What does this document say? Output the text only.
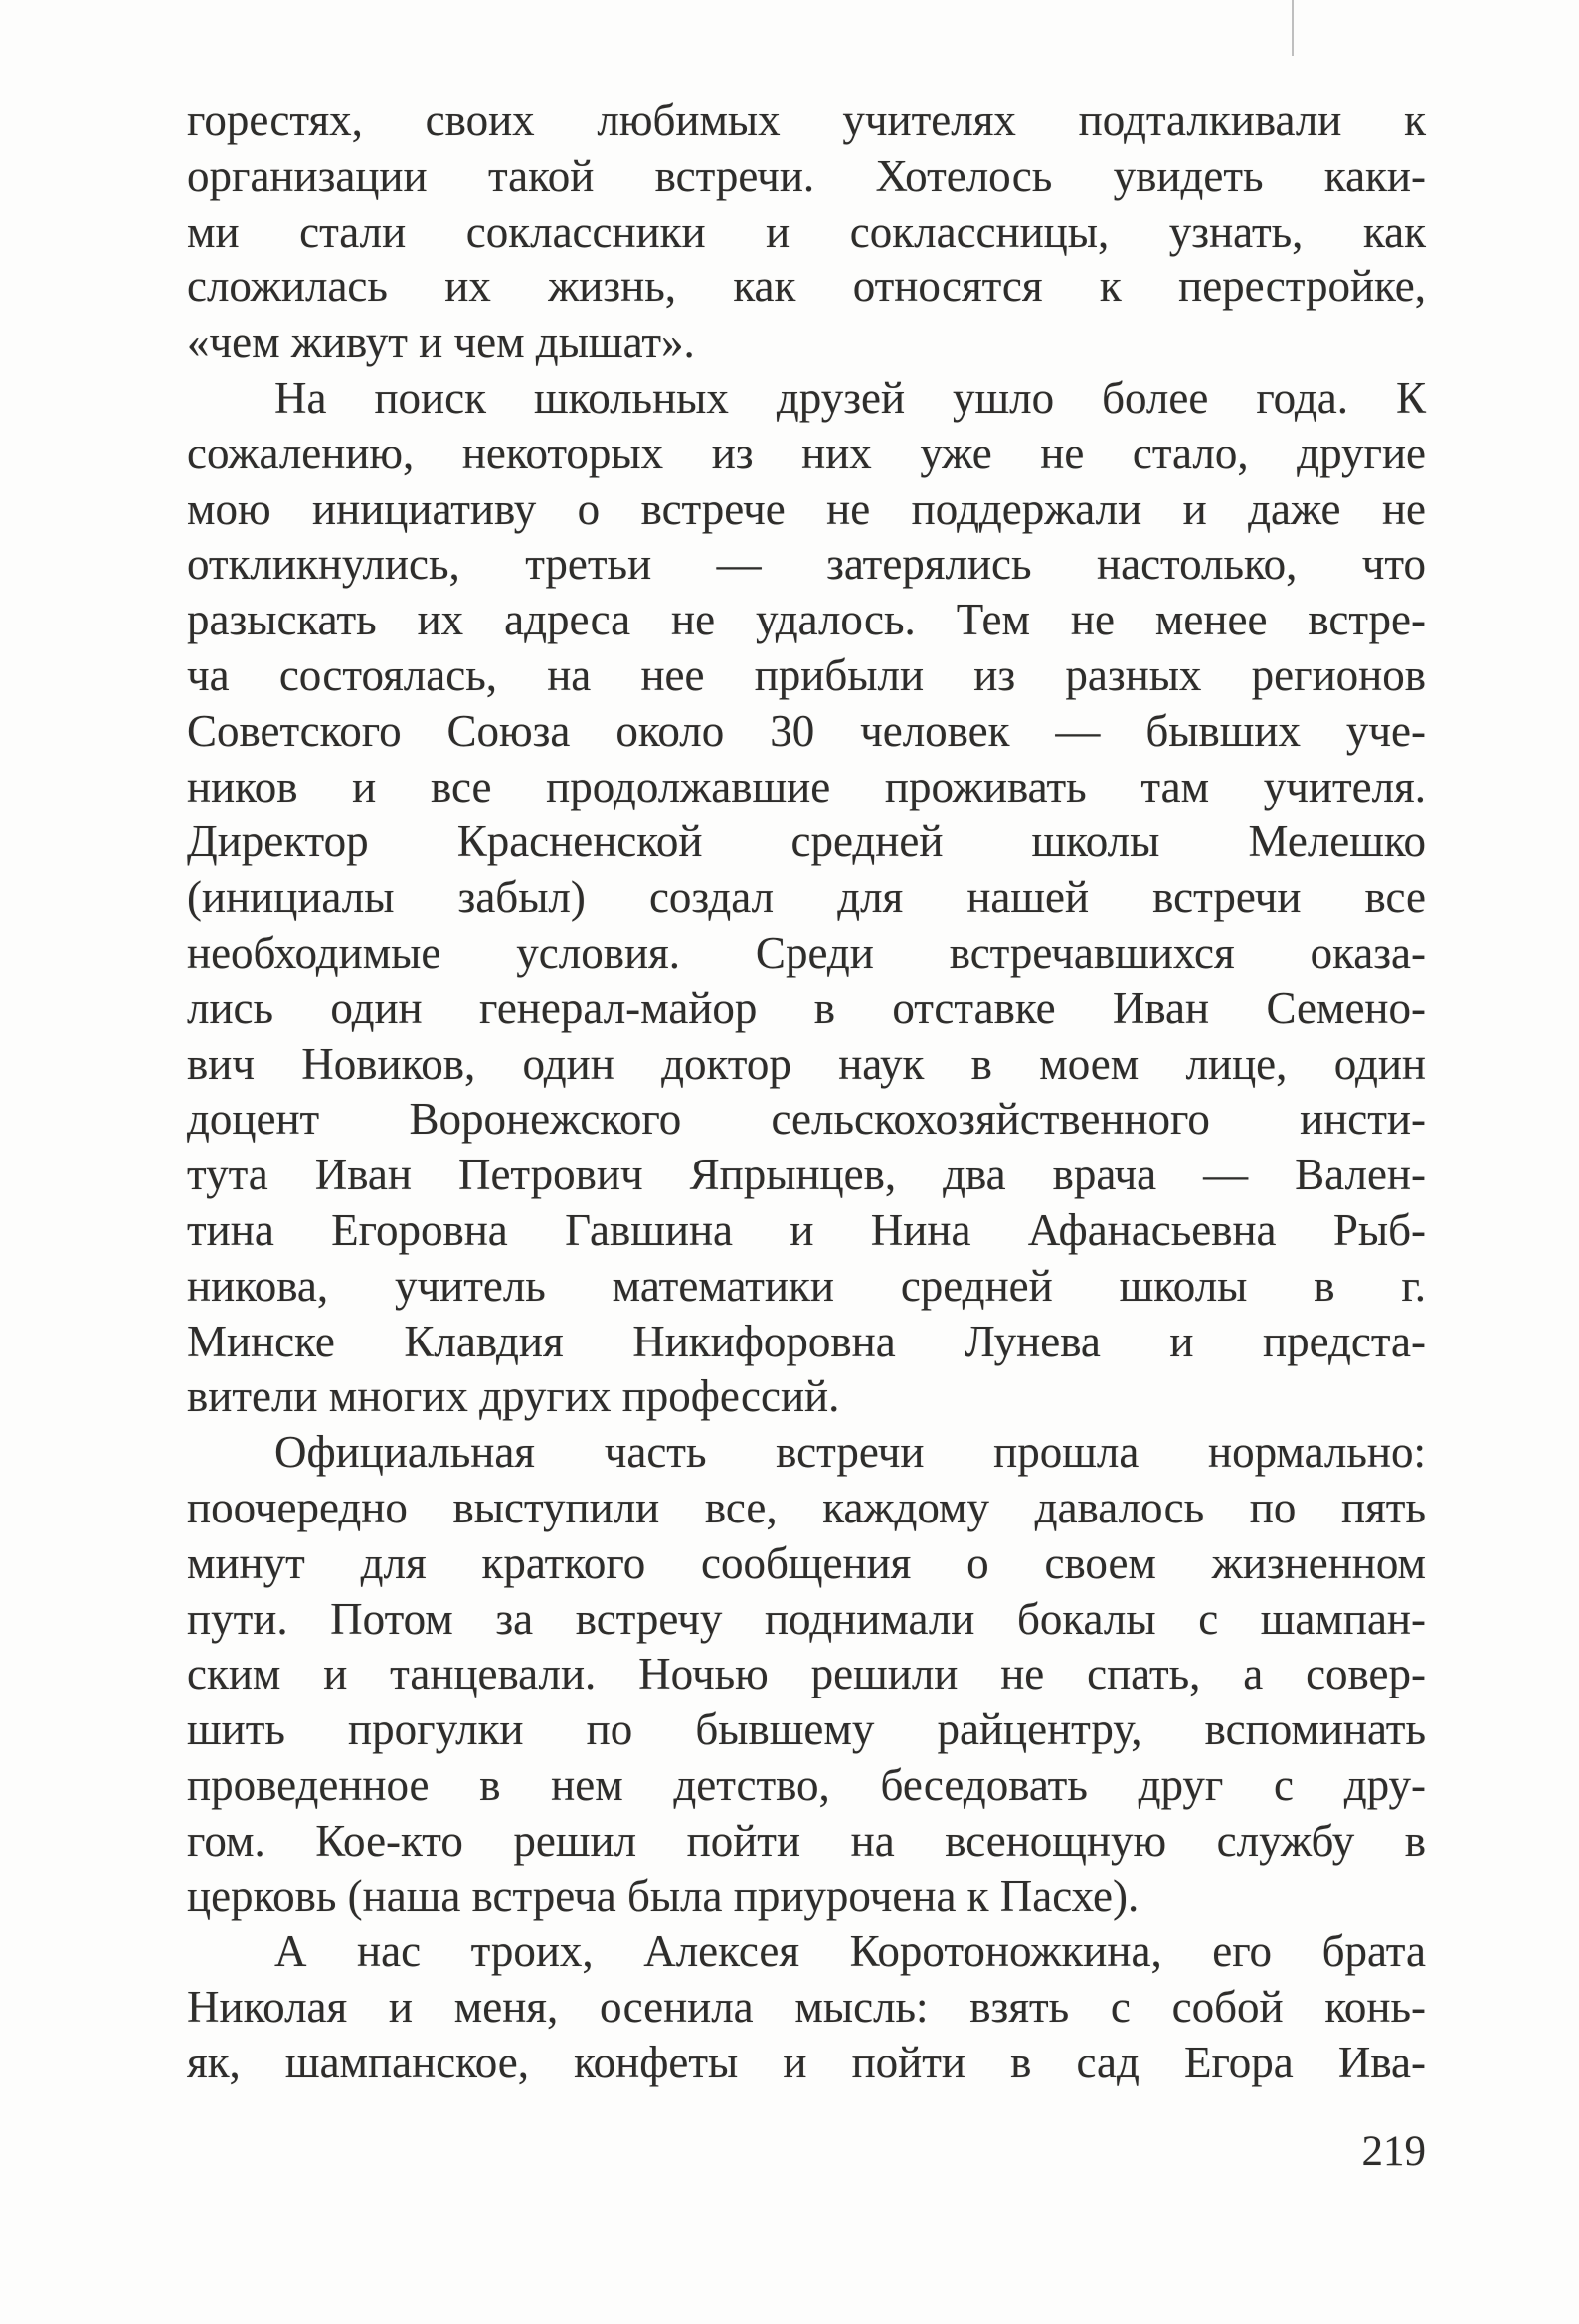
горестях, своих любимых учителях подталкивали к
организации такой встречи. Хотелось увидеть каки-
ми стали соклассники и соклассницы, узнать, как
сложилась их жизнь, как относятся к перестройке,
«чем живут и чем дышат».
На поиск школьных друзей ушло более года. К
сожалению, некоторых из них уже не стало, другие
мою инициативу о встрече не поддержали и даже не
откликнулись, третьи — затерялись настолько, что
разыскать их адреса не удалось. Тем не менее встре-
ча состоялась, на нее прибыли из разных регионов
Советского Союза около 30 человек — бывших уче-
ников и все продолжавшие проживать там учителя.
Директор Красненской средней школы Мелешко
(инициалы забыл) создал для нашей встречи все
необходимые условия. Среди встречавшихся оказа-
лись один генерал-майор в отставке Иван Семено-
вич Новиков, один доктор наук в моем лице, один
доцент Воронежского сельскохозяйственного инсти-
тута Иван Петрович Япрынцев, два врача — Вален-
тина Егоровна Гавшина и Нина Афанасьевна Рыб-
никова, учитель математики средней школы в г.
Минске Клавдия Никифоровна Лунева и предста-
вители многих других профессий.
Официальная часть встречи прошла нормально:
поочередно выступили все, каждому давалось по пять
минут для краткого сообщения о своем жизненном
пути. Потом за встречу поднимали бокалы с шампан-
ским и танцевали. Ночью решили не спать, а совер-
шить прогулки по бывшему райцентру, вспоминать
проведенное в нем детство, беседовать друг с дру-
гом. Кое-кто решил пойти на всенощную службу в
церковь (наша встреча была приурочена к Пасхе).
А нас троих, Алексея Коротоножкина, его брата
Николая и меня, осенила мысль: взять с собой конь-
як, шампанское, конфеты и пойти в сад Егора Ива-
219
